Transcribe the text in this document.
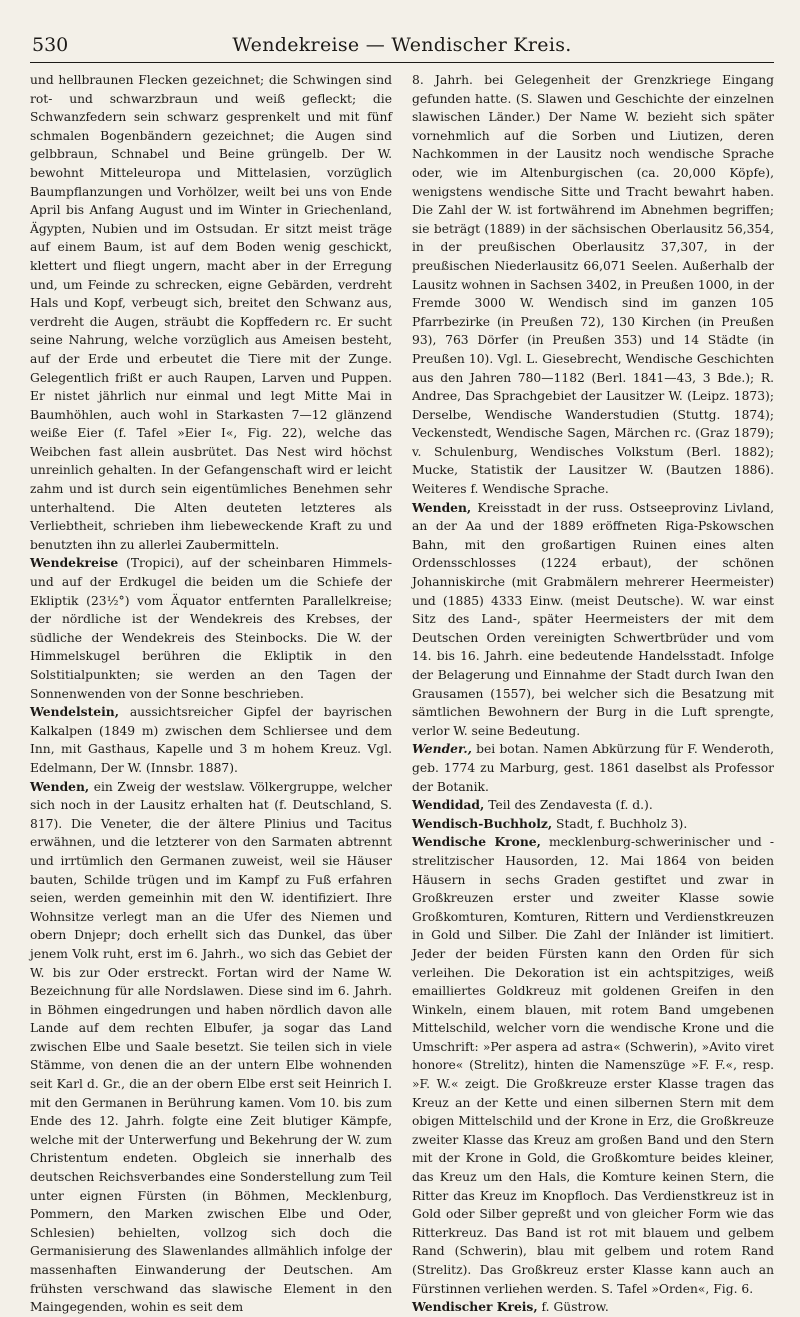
530	Wendekreise — Wendischer Kreis.

und hellbraunen Flecken gezeichnet; die Schwingen sind rot- und schwarzbraun und weiß gefleckt; die Schwanzfedern sein schwarz gesprenkelt und mit fünf schmalen Bogenbändern gezeichnet; die Augen sind gelbbraun, Schnabel und Beine grüngelb. Der W. bewohnt Mitteleuropa und Mittelasien, vorzüglich Baumpflanzungen und Vorhölzer, weilt bei uns von Ende April bis Anfang August und im Winter in Griechenland, Ägypten, Nubien und im Ostsudan. Er sitzt meist träge auf einem Baum, ist auf dem Boden wenig geschickt, klettert und fliegt ungern, macht aber in der Erregung und, um Feinde zu schrecken, eigne Gebärden, verdreht Hals und Kopf, verbeugt sich, breitet den Schwanz aus, verdreht die Augen, sträubt die Kopffedern rc. Er sucht seine Nahrung, welche vorzüglich aus Ameisen besteht, auf der Erde und erbeutet die Tiere mit der Zunge. Gelegentlich frißt er auch Raupen, Larven und Puppen. Er nistet jährlich nur einmal und legt Mitte Mai in Baumhöhlen, auch wohl in Starkasten 7—12 glänzend weiße Eier (f. Tafel »Eier I«, Fig. 22), welche das Weibchen fast allein ausbrütet. Das Nest wird höchst unreinlich gehalten. In der Gefangenschaft wird er leicht zahm und ist durch sein eigentümliches Benehmen sehr unterhaltend. Die Alten deuteten letzteres als Verliebtheit, schrieben ihm liebeweckende Kraft zu und benutzten ihn zu allerlei Zaubermitteln.

Wendekreise (Tropici), auf der scheinbaren Himmels- und auf der Erdkugel die beiden um die Schiefe der Ekliptik (23½°) vom Äquator entfernten Parallelkreise; der nördliche ist der Wendekreis des Krebses, der südliche der Wendekreis des Steinbocks. Die W. der Himmelskugel berühren die Ekliptik in den Solstitialpunkten; sie werden an den Tagen der Sonnenwenden von der Sonne beschrieben.

Wendelstein, aussichtsreicher Gipfel der bayrischen Kalkalpen (1849 m) zwischen dem Schliersee und dem Inn, mit Gasthaus, Kapelle und 3 m hohem Kreuz. Vgl. Edelmann, Der W. (Innsbr. 1887).

Wenden, ein Zweig der westslaw. Völkergruppe, welcher sich noch in der Lausitz erhalten hat (f. Deutschland, S. 817). Die Veneter, die der ältere Plinius und Tacitus erwähnen, und die letzterer von den Sarmaten abtrennt und irrtümlich den Germanen zuweist, weil sie Häuser bauten, Schilde trügen und im Kampf zu Fuß erfahren seien, werden gemeinhin mit den W. identifiziert. Ihre Wohnsitze verlegt man an die Ufer des Niemen und obern Dnjepr; doch erhellt sich das Dunkel, das über jenem Volk ruht, erst im 6. Jahrh., wo sich das Gebiet der W. bis zur Oder erstreckt. Fortan wird der Name W. Bezeichnung für alle Nordslawen. Diese sind im 6. Jahrh. in Böhmen eingedrungen und haben nördlich davon alle Lande auf dem rechten Elbufer, ja sogar das Land zwischen Elbe und Saale besetzt. Sie teilen sich in viele Stämme, von denen die an der untern Elbe wohnenden seit Karl d. Gr., die an der obern Elbe erst seit Heinrich I. mit den Germanen in Berührung kamen. Vom 10. bis zum Ende des 12. Jahrh. folgte eine Zeit blutiger Kämpfe, welche mit der Unterwerfung und Bekehrung der W. zum Christentum endeten. Obgleich sie innerhalb des deutschen Reichsverbandes eine Sonderstellung zum Teil unter eignen Fürsten (in Böhmen, Mecklenburg, Pommern, den Marken zwischen Elbe und Oder, Schlesien) behielten, vollzog sich doch die Germanisierung des Slawenlandes allmählich infolge der massenhaften Einwanderung der Deutschen. Am frühsten verschwand das slawische Element in den Maingegenden, wohin es seit dem

8. Jahrh. bei Gelegenheit der Grenzkriege Eingang gefunden hatte. (S. Slawen und Geschichte der einzelnen slawischen Länder.) Der Name W. bezieht sich später vornehmlich auf die Sorben und Liutizen, deren Nachkommen in der Lausitz noch wendische Sprache oder, wie im Altenburgischen (ca. 20,000 Köpfe), wenigstens wendische Sitte und Tracht bewahrt haben. Die Zahl der W. ist fortwährend im Abnehmen begriffen; sie beträgt (1889) in der sächsischen Oberlausitz 56,354, in der preußischen Oberlausitz 37,307, in der preußischen Niederlausitz 66,071 Seelen. Außerhalb der Lausitz wohnen in Sachsen 3402, in Preußen 1000, in der Fremde 3000 W. Wendisch sind im ganzen 105 Pfarrbezirke (in Preußen 72), 130 Kirchen (in Preußen 93), 763 Dörfer (in Preußen 353) und 14 Städte (in Preußen 10). Vgl. L. Giesebrecht, Wendische Geschichten aus den Jahren 780—1182 (Berl. 1841—43, 3 Bde.); R. Andree, Das Sprachgebiet der Lausitzer W. (Leipz. 1873); Derselbe, Wendische Wanderstudien (Stuttg. 1874); Veckenstedt, Wendische Sagen, Märchen rc. (Graz 1879); v. Schulenburg, Wendisches Volkstum (Berl. 1882); Mucke, Statistik der Lausitzer W. (Bautzen 1886). Weiteres f. Wendische Sprache.

Wenden, Kreisstadt in der russ. Ostseeprovinz Livland, an der Aa und der 1889 eröffneten Riga-Pskowschen Bahn, mit den großartigen Ruinen eines alten Ordensschlosses (1224 erbaut), der schönen Johanniskirche (mit Grabmälern mehrerer Heermeister) und (1885) 4333 Einw. (meist Deutsche). W. war einst Sitz des Land-, später Heermeisters der mit dem Deutschen Orden vereinigten Schwertbrüder und vom 14. bis 16. Jahrh. eine bedeutende Handelsstadt. Infolge der Belagerung und Einnahme der Stadt durch Iwan den Grausamen (1557), bei welcher sich die Besatzung mit sämtlichen Bewohnern der Burg in die Luft sprengte, verlor W. seine Bedeutung.

Wender., bei botan. Namen Abkürzung für F. Wenderoth, geb. 1774 zu Marburg, gest. 1861 daselbst als Professor der Botanik.

Wendidad, Teil des Zendavesta (f. d.).

Wendisch-Buchholz, Stadt, f. Buchholz 3).

Wendische Krone, mecklenburg-schwerinischer und -strelitzischer Hausorden, 12. Mai 1864 von beiden Häusern in sechs Graden gestiftet und zwar in Großkreuzen erster und zweiter Klasse sowie Großkomturen, Komturen, Rittern und Verdienstkreuzen in Gold und Silber. Die Zahl der Inländer ist limitiert. Jeder der beiden Fürsten kann den Orden für sich verleihen. Die Dekoration ist ein achtspitziges, weiß emailliertes Goldkreuz mit goldenen Greifen in den Winkeln, einem blauen, mit rotem Band umgebenen Mittelschild, welcher vorn die wendische Krone und die Umschrift: »Per aspera ad astra« (Schwerin), »Avito viret honore« (Strelitz), hinten die Namenszüge »F. F.«, resp. »F. W.« zeigt. Die Großkreuze erster Klasse tragen das Kreuz an der Kette und einen silbernen Stern mit dem obigen Mittelschild und der Krone in Erz, die Großkreuze zweiter Klasse das Kreuz am großen Band und den Stern mit der Krone in Gold, die Großkomture beides kleiner, das Kreuz um den Hals, die Komture keinen Stern, die Ritter das Kreuz im Knopfloch. Das Verdienstkreuz ist in Gold oder Silber gepreßt und von gleicher Form wie das Ritterkreuz. Das Band ist rot mit blauem und gelbem Rand (Schwerin), blau mit gelbem und rotem Rand (Strelitz). Das Großkreuz erster Klasse kann auch an Fürstinnen verliehen werden. S. Tafel »Orden«, Fig. 6.

Wendischer Kreis, f. Güstrow.
